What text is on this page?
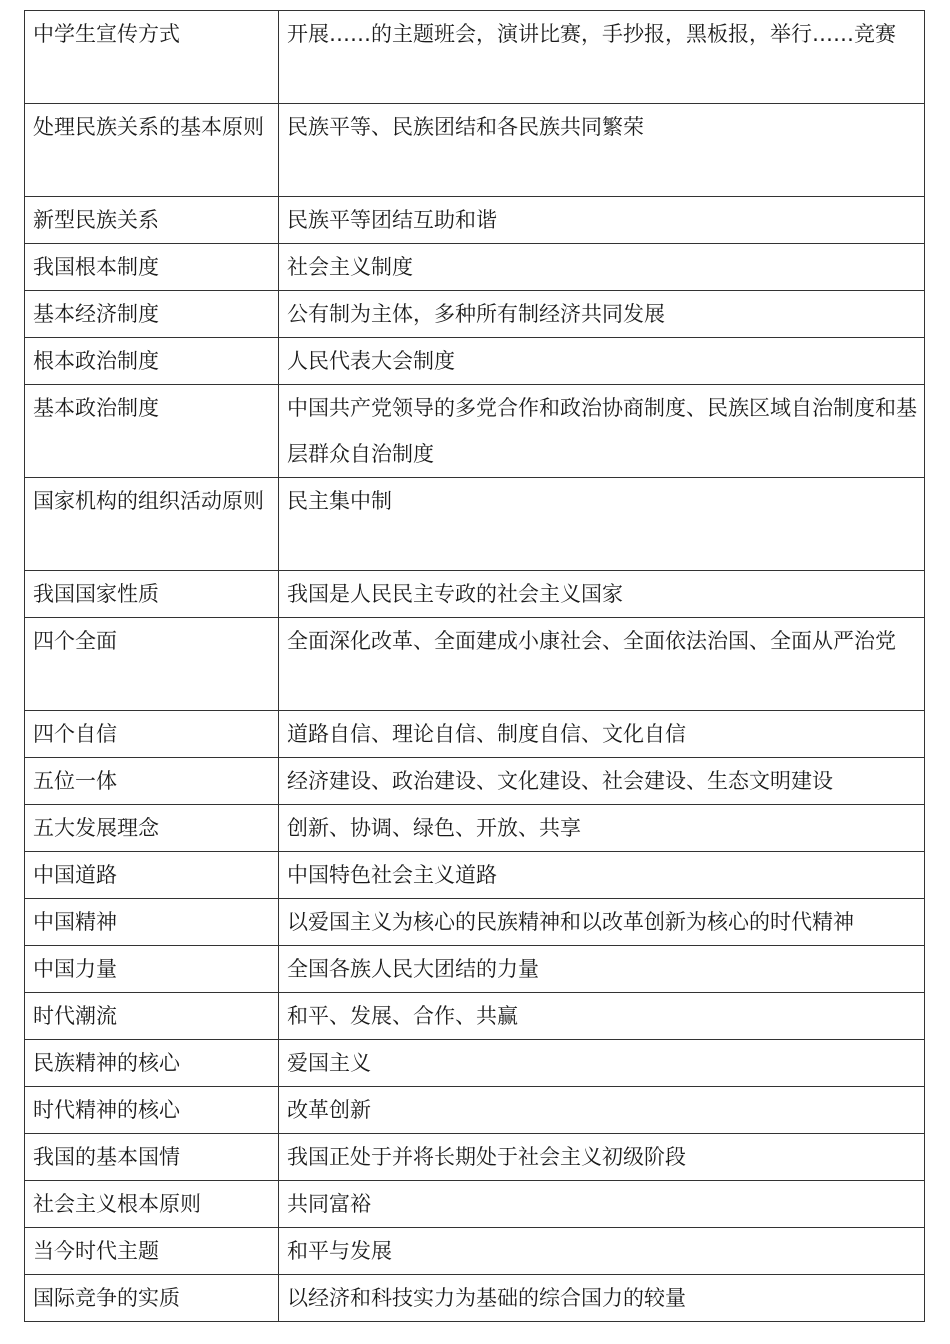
中学生宣传方式	开展……的主题班会，演讲比赛，手抄报，黑板报，举行……竞赛
处理民族关系的基本原则	民族平等、民族团结和各民族共同繁荣
新型民族关系	民族平等团结互助和谐
我国根本制度	社会主义制度
基本经济制度	公有制为主体，多种所有制经济共同发展
根本政治制度	人民代表大会制度
基本政治制度	中国共产党领导的多党合作和政治协商制度、民族区域自治制度和基层群众自治制度
国家机构的组织活动原则	民主集中制
我国国家性质	我国是人民民主专政的社会主义国家
四个全面	全面深化改革、全面建成小康社会、全面依法治国、全面从严治党
四个自信	道路自信、理论自信、制度自信、文化自信
五位一体	经济建设、政治建设、文化建设、社会建设、生态文明建设
五大发展理念	创新、协调、绿色、开放、共享
中国道路	中国特色社会主义道路
中国精神	以爱国主义为核心的民族精神和以改革创新为核心的时代精神
中国力量	全国各族人民大团结的力量
时代潮流	和平、发展、合作、共赢
民族精神的核心	爱国主义
时代精神的核心	改革创新
我国的基本国情	我国正处于并将长期处于社会主义初级阶段
社会主义根本原则	共同富裕
当今时代主题	和平与发展
国际竞争的实质	以经济和科技实力为基础的综合国力的较量
